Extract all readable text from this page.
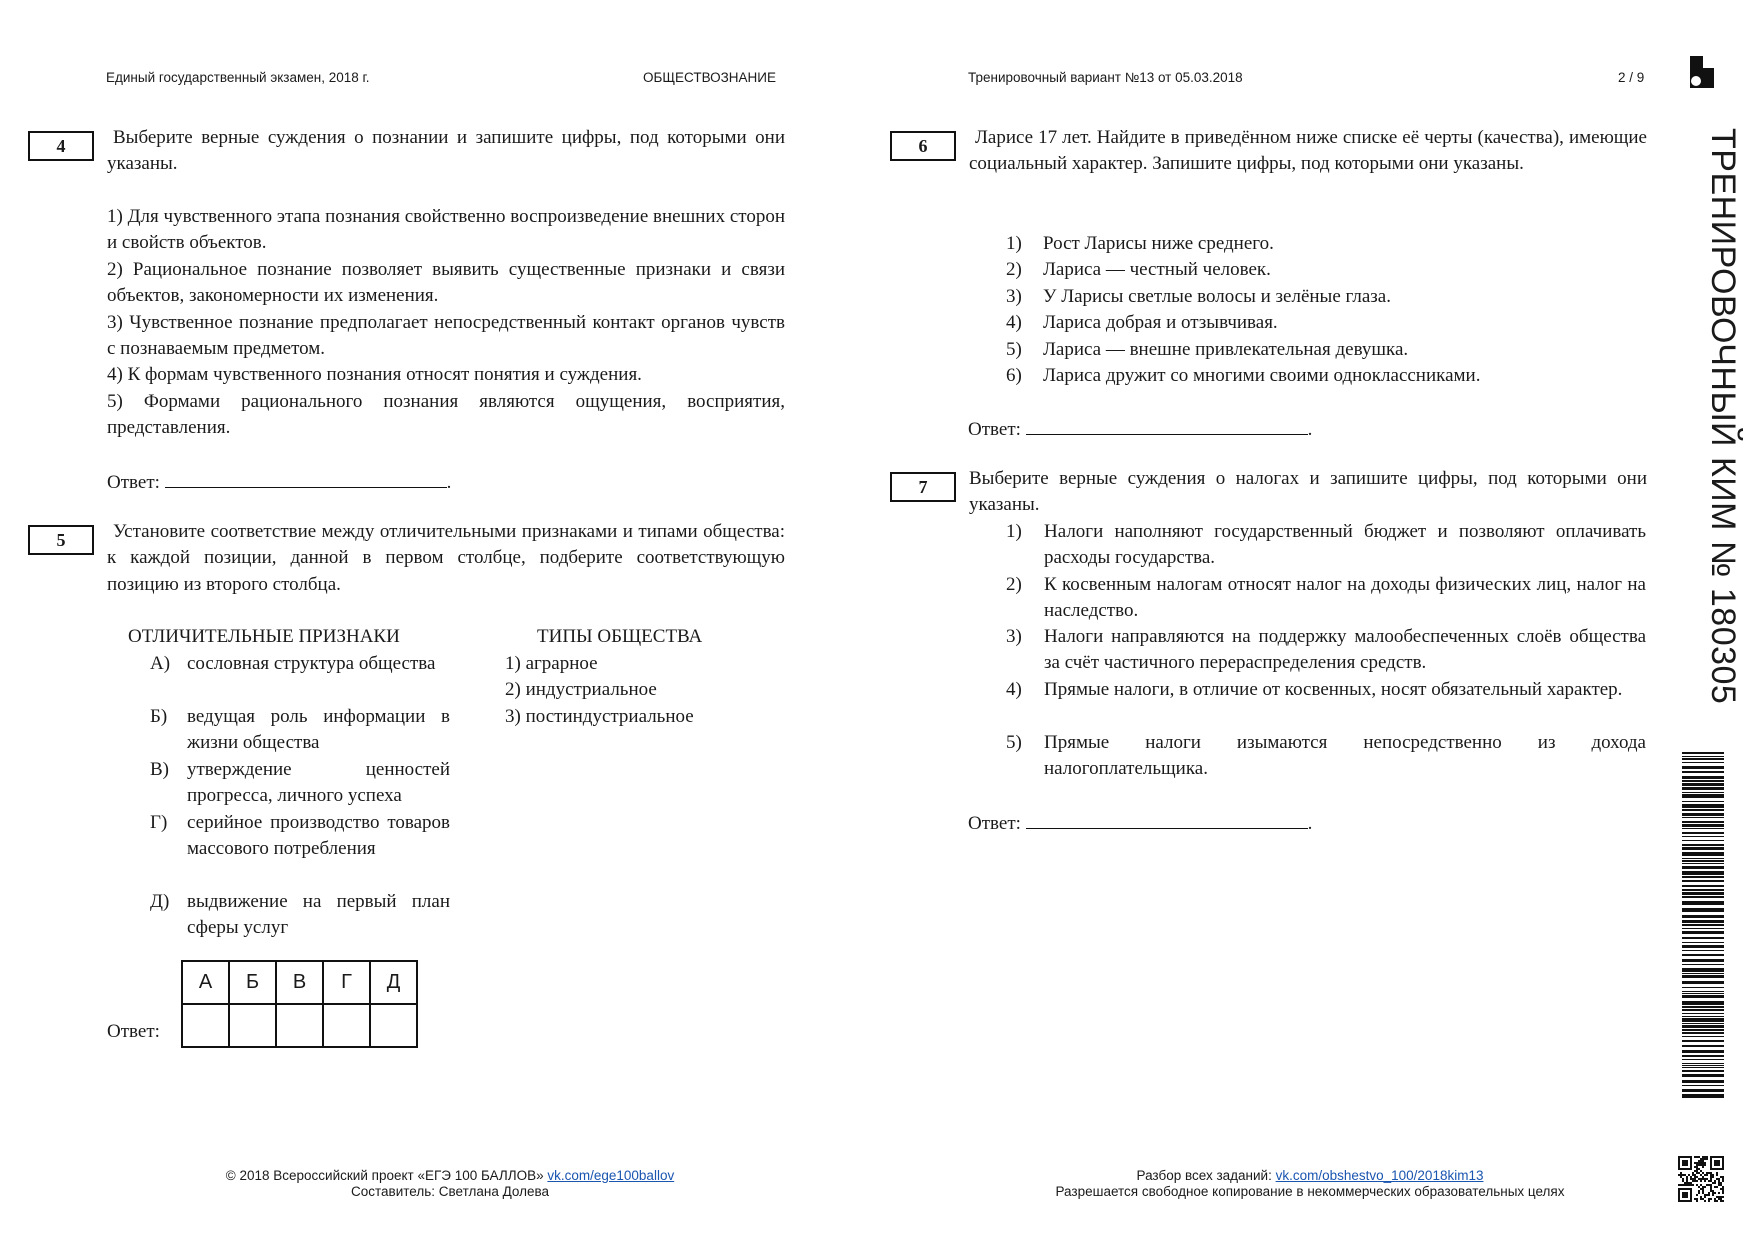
Единый государственный экзамен, 2018 г.	ОБЩЕСТВОЗНАНИЕ	Тренировочный вариант №13 от 05.03.2018	2 / 9
ТРЕНИРОВОЧНЫЙ КИМ № 180305
4	Выберите верные суждения о познании и запишите цифры, под которыми они указаны.
1) Для чувственного этапа познания свойственно воспроизведение внешних сторон и свойств объектов.
2) Рациональное познание позволяет выявить существенные признаки и связи объектов, закономерности их изменения.
3) Чувственное познание предполагает непосредственный контакт органов чувств с познаваемым предметом.
4) К формам чувственного познания относят понятия и суждения.
5) Формами рационального познания являются ощущения, восприятия, представления.
Ответ:	.
5	Установите соответствие между отличительными признаками и типами общества: к каждой позиции, данной в первом столбце, подберите соответствующую позицию из второго столбца.
ОТЛИЧИТЕЛЬНЫЕ ПРИЗНАКИ	ТИПЫ ОБЩЕСТВА
А) сословная структура общества
Б) ведущая роль информации в жизни общества
В) утверждение ценностей прогресса, личного успеха
Г) серийное производство товаров массового потребления
Д) выдвижение на первый план сферы услуг
1) аграрное
2) индустриальное
3) постиндустриальное
Ответ:
А	Б	В	Г	Д

6	Ларисе 17 лет. Найдите в приведённом ниже списке её черты (качества), имеющие социальный характер. Запишите цифры, под которыми они указаны.
1) Рост Ларисы ниже среднего.
2) Лариса — честный человек.
3) У Ларисы светлые волосы и зелёные глаза.
4) Лариса добрая и отзывчивая.
5) Лариса — внешне привлекательная девушка.
6) Лариса дружит со многими своими одноклассниками.
Ответ:	.
7	Выберите верные суждения о налогах и запишите цифры, под которыми они указаны.
1) Налоги наполняют государственный бюджет и позволяют оплачивать расходы государства.
2) К косвенным налогам относят налог на доходы физических лиц, налог на наследство.
3) Налоги направляются на поддержку малообеспеченных слоёв общества за счёт частичного перераспределения средств.
4) Прямые налоги, в отличие от косвенных, носят обязательный характер.
5) Прямые налоги изымаются непосредственно из дохода налогоплательщика.
Ответ:	.
© 2018 Всероссийский проект «ЕГЭ 100 БАЛЛОВ» vk.com/ege100ballov
Составитель: Светлана Долева
Разбор всех заданий: vk.com/obshestvo_100/2018kim13
Разрешается свободное копирование в некоммерческих образовательных целях
